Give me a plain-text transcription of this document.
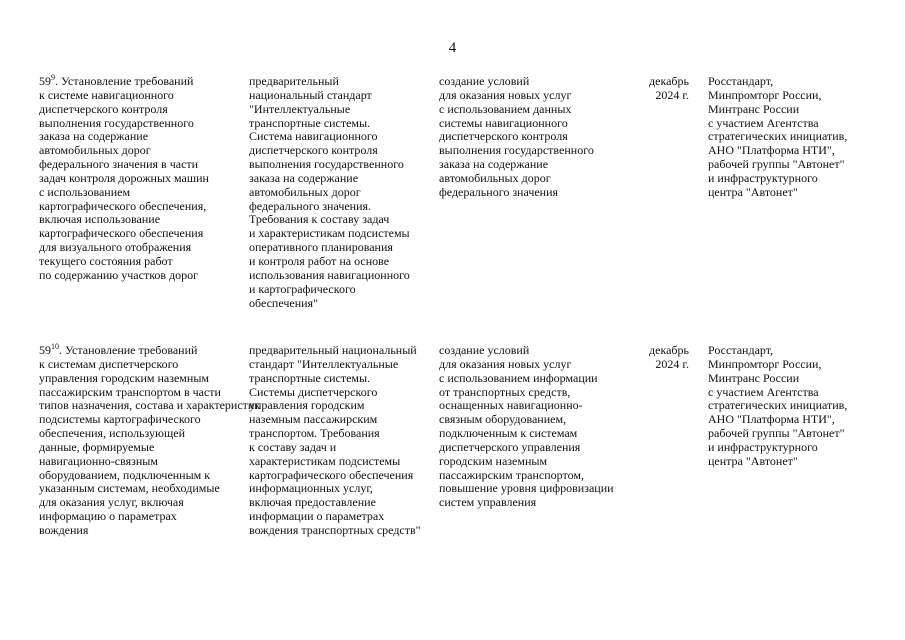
4
$59^9$. Установление требований
к системе навигационного
диспетчерского контроля
выполнения государственного
заказа на содержание
автомобильных дорог
федерального значения в части
задач контроля дорожных машин
с использованием
картографического обеспечения,
включая использование
картографического обеспечения
для визуального отображения
текущего состояния работ
по содержанию участков дорог
предварительный
национальный стандарт
"Интеллектуальные
транспортные системы.
Система навигационного
диспетчерского контроля
выполнения государственного
заказа на содержание
автомобильных дорог
федерального значения.
Требования к составу задач
и характеристикам подсистемы
оперативного планирования
и контроля работ на основе
использования навигационного
и картографического
обеспечения"
создание условий
для оказания новых услуг
с использованием данных
системы навигационного
диспетчерского контроля
выполнения государственного
заказа на содержание
автомобильных дорог
федерального значения
декабрь
2024 г.
Росстандарт,
Минпромторг России,
Минтранс России
с участием Агентства
стратегических инициатив,
АНО "Платформа НТИ",
рабочей группы "Автонет"
и инфраструктурного
центра "Автонет"
$59^{10}$. Установление требований
к системам диспетчерского
управления городским наземным
пассажирским транспортом в части
типов назначения, состава и характеристик
подсистемы картографического
обеспечения, использующей
данные, формируемые
навигационно-связным
оборудованием, подключенным к
указанным системам, необходимые
для оказания услуг, включая
информацию о параметрах
вождения
предварительный национальный
стандарт "Интеллектуальные
транспортные системы.
Системы диспетчерского
управления городским
наземным пассажирским
транспортом. Требования
к составу задач и
характеристикам подсистемы
картографического обеспечения
информационных услуг,
включая предоставление
информации о параметрах
вождения транспортных средств"
создание условий
для оказания новых услуг
с использованием информации
от транспортных средств,
оснащенных навигационно-
связным оборудованием,
подключенным к системам
диспетчерского управления
городским наземным
пассажирским транспортом,
повышение уровня цифровизации
систем управления
декабрь
2024 г.
Росстандарт,
Минпромторг России,
Минтранс России
с участием Агентства
стратегических инициатив,
АНО "Платформа НТИ",
рабочей группы "Автонет"
и инфраструктурного
центра "Автонет"
